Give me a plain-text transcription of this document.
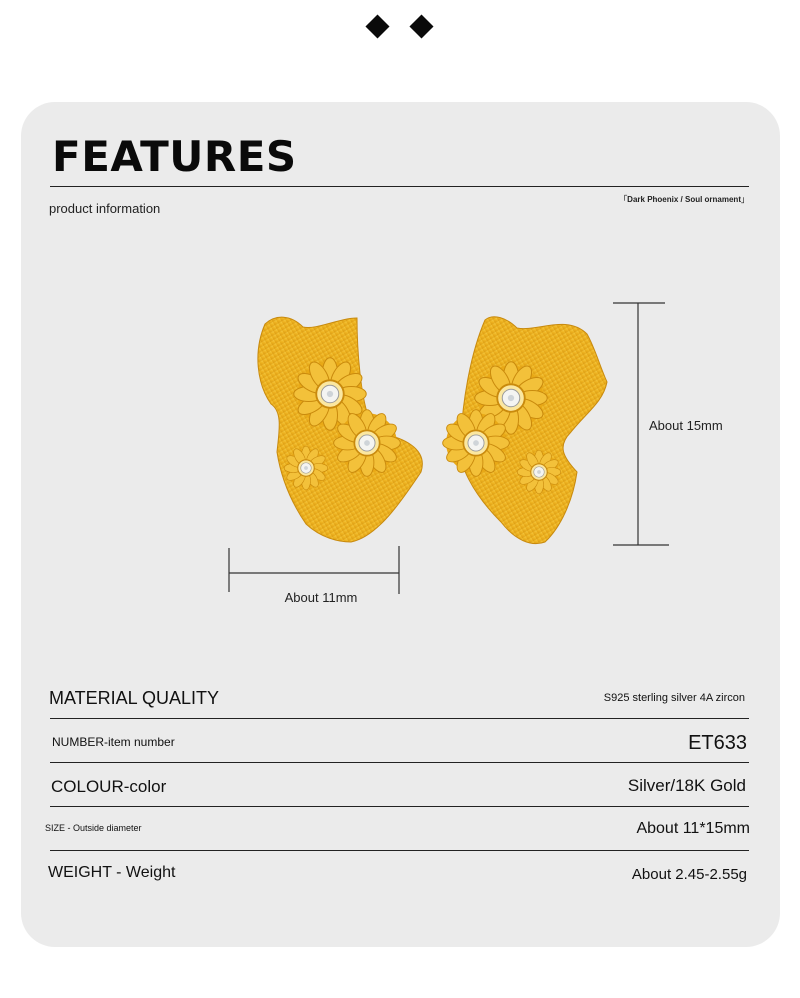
FEATURES
product information
「Dark Phoenix / Soul ornament」
About 11mm
About 15mm
MATERIAL QUALITY	S925 sterling silver 4A zircon
NUMBER-item number	ET633
COLOUR-color	Silver/18K Gold
SIZE - Outside diameter	About 11*15mm
WEIGHT - Weight	About 2.45-2.55g
